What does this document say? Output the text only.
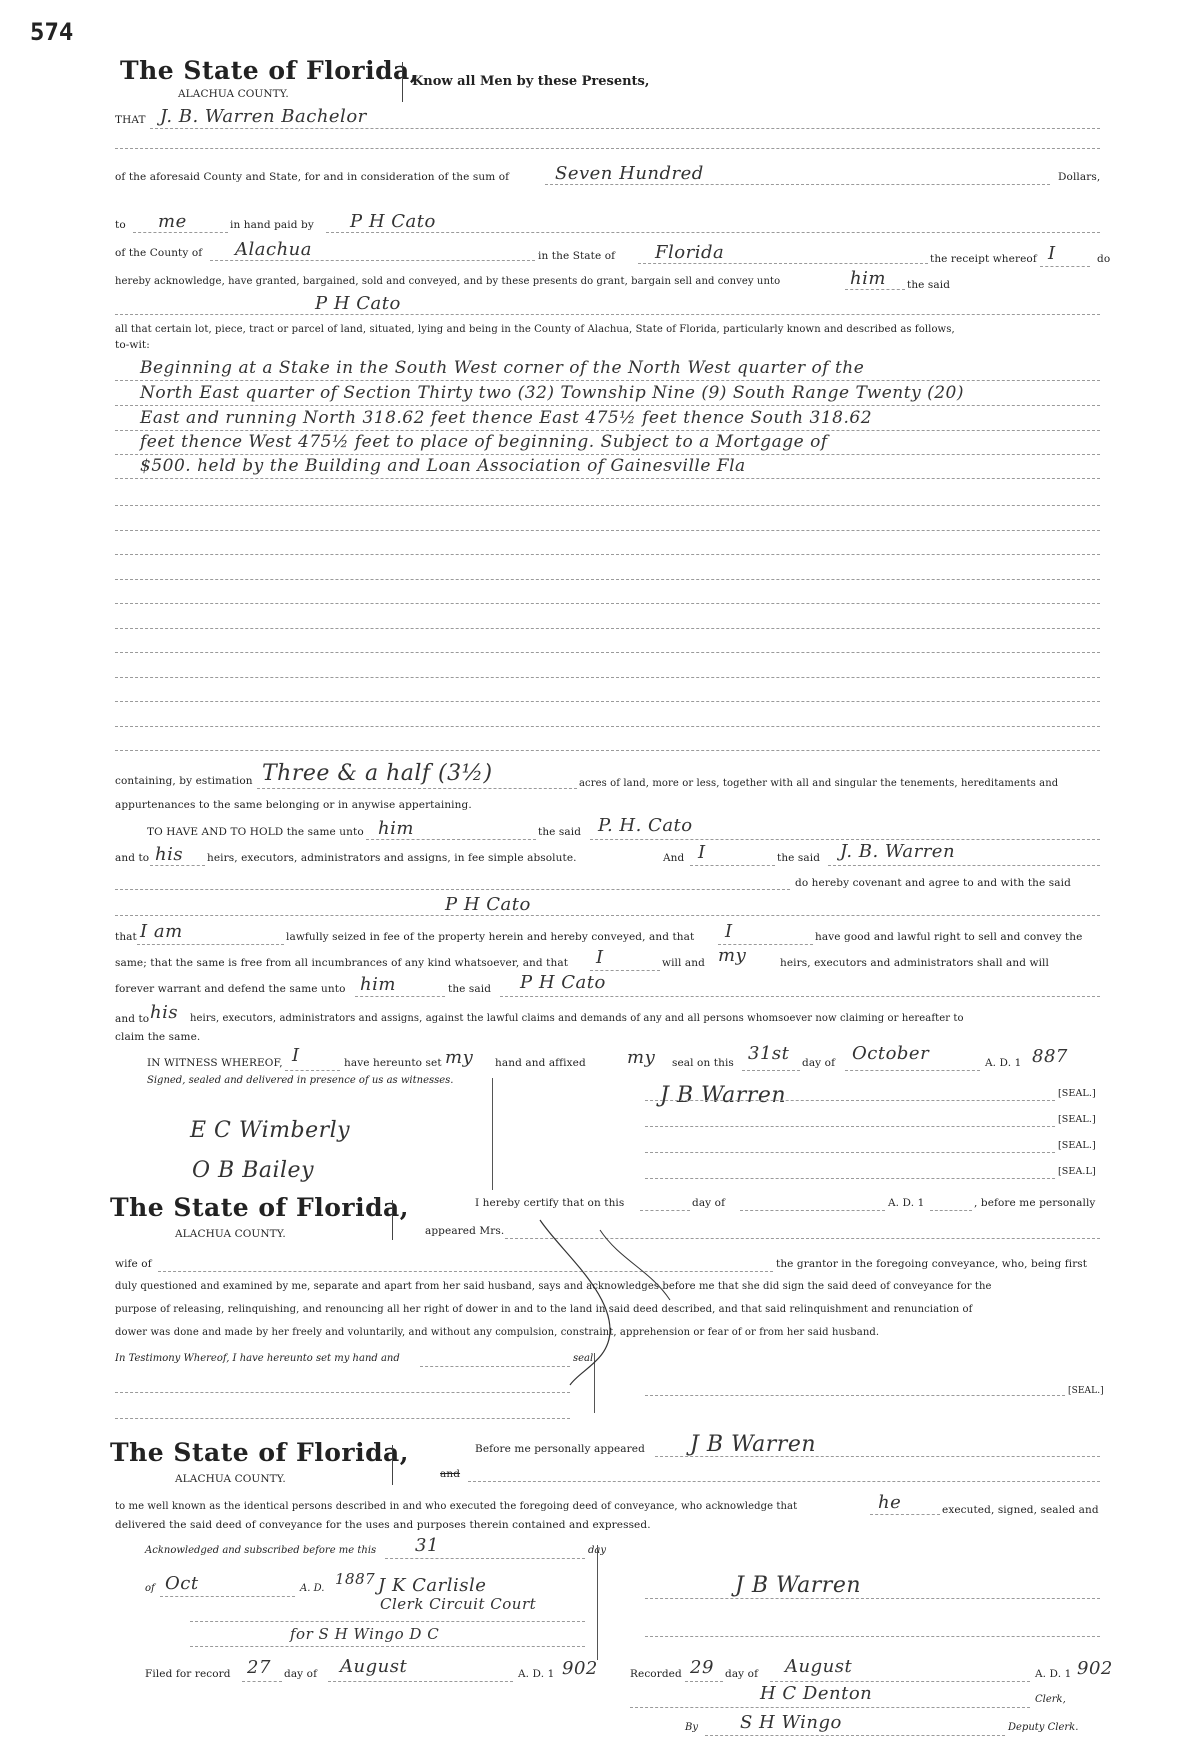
574
The State of Florida,
ALACHUA COUNTY.
Know all Men by these Presents,
THAT J. B. Warren Bachelor
of the aforesaid County and State, for and in consideration of the sum of	Seven Hundred	Dollars,
to me	in hand paid by P H Cato
of the County of Alachua	in the State of Florida	the receipt whereof I	do
hereby acknowledge, have granted, bargained, sold and conveyed, and by these presents do grant, bargain sell and convey unto	him the said
P H Cato
all that certain lot, piece, tract or parcel of land, situated, lying and being in the County of Alachua, State of Florida, particularly known and described as follows,
to-wit:
Beginning at a Stake in the South West corner of the North West quarter of the
North East quarter of Section Thirty two (32) Township Nine (9) South Range Twenty (20)
East and running North 318.62 feet thence East 475½ feet thence South 318.62
feet thence West 475½ feet to place of beginning. Subject to a Mortgage of
$500. held by the Building and Loan Association of Gainesville Fla
containing, by estimation Three & a half (3½)	acres of land, more or less, together with all and singular the tenements, hereditaments and
appurtenances to the same belonging or in anywise appertaining.
TO HAVE AND TO HOLD the same unto him	the said P. H. Cato
and to his heirs, executors, administrators and assigns, in fee simple absolute.	And I	the said J. B. Warren
do hereby covenant and agree to and with the said
P H Cato
that I am	lawfully seized in fee of the property herein and hereby conveyed, and that I	have good and lawful right to sell and convey the
same; that the same is free from all incumbrances of any kind whatsoever, and that I	will and my	heirs, executors and administrators shall and will
forever warrant and defend the same unto him	the said P H Cato
and to his heirs, executors, administrators and assigns, against the lawful claims and demands of any and all persons whomsoever now claiming or hereafter to
claim the same.
IN WITNESS WHEREOF, I	have hereunto set my hand and affixed my seal on this 31st day of October	A. D. 1 887
Signed, sealed and delivered in presence of us as witnesses.
J B Warren	[SEAL.]
[SEAL.]
[SEAL.]
[SEA.L]
E C Wimberly
O B Bailey
The State of Florida,
ALACHUA COUNTY.
I hereby certify that on this	day of	A. D. 1	, before me personally
appeared Mrs.
wife of	the grantor in the foregoing conveyance, who, being first
duly questioned and examined by me, separate and apart from her said husband, says and acknowledges before me that she did sign the said deed of conveyance for the
purpose of releasing, relinquishing, and renouncing all her right of dower in and to the land in said deed described, and that said relinquishment and renunciation of
dower was done and made by her freely and voluntarily, and without any compulsion, constraint, apprehension or fear of or from her said husband.
In Testimony Whereof, I have hereunto set my hand and	seal
[SEAL.]
The State of Florida,
ALACHUA COUNTY.
Before me personally appeared J B Warren
and
to me well known as the identical persons described in and who executed the foregoing deed of conveyance, who acknowledge that	he	executed, signed, sealed and
delivered the said deed of conveyance for the uses and purposes therein contained and expressed.
Acknowledged and subscribed before me this 31	day
of Oct	A. D.
1887 J K Carlisle
Clerk Circuit Court
for S H Wingo D C
J B Warren
Filed for record 27 day of August	A. D. 1 902	Recorded 29 day of August	A. D. 1 902
H C Denton	Clerk,
By S H Wingo	Deputy Clerk.
